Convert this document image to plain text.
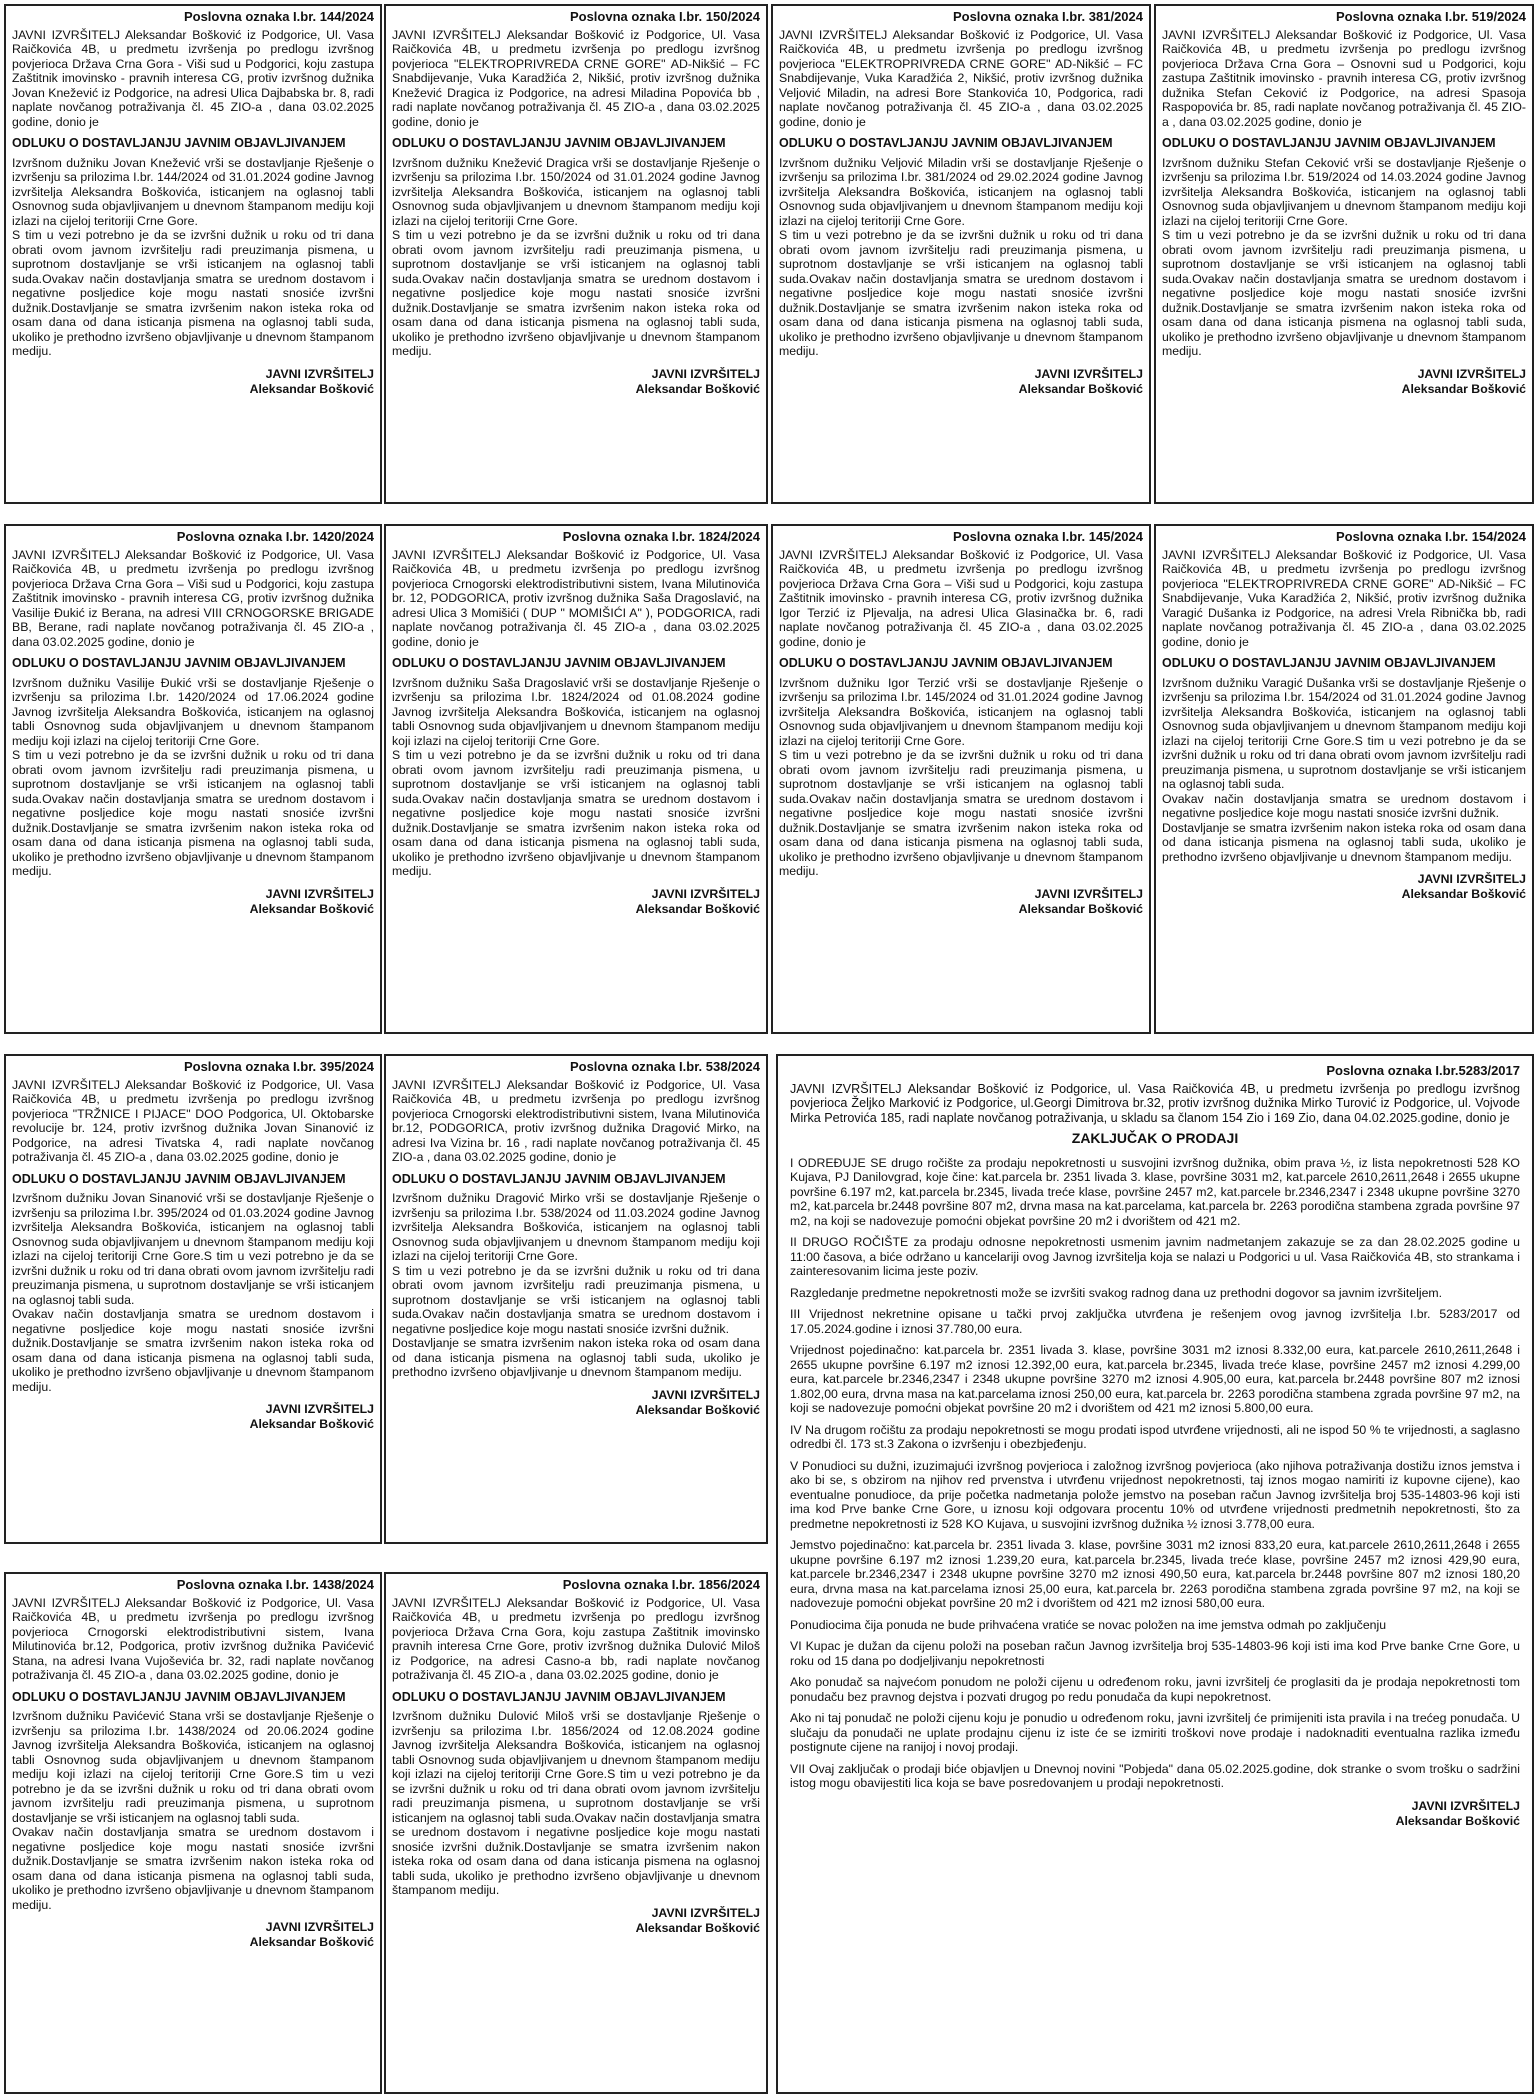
Poslovna oznaka I.br. 144/2024
JAVNI IZVRŠITELJ Aleksandar Bošković iz Podgorice, Ul. Vasa Raičkovića 4B, u predmetu izvršenja po predlogu izvršnog povjerioca Država Crna Gora - Viši sud u Podgorici, koju zastupa Zaštitnik imovinsko - pravnih interesa CG, protiv izvršnog dužnika Jovan Knežević iz Podgorice, na adresi Ulica Dajbabska br. 8, radi naplate novčanog potraživanja čl. 45 ZIO-a , dana 03.02.2025 godine, donio je
ODLUKU O DOSTAVLJANJU JAVNIM OBJAVLJIVANJEM
Izvršnom dužniku Jovan Knežević vrši se dostavljanje Rješenje o izvršenju sa prilozima I.br. 144/2024 od 31.01.2024 godine Javnog izvršitelja Aleksandra Boškovića, isticanjem na oglasnoj tabli Osnovnog suda objavljivanjem u dnevnom štampanom mediju koji izlazi na cijeloj teritoriji Crne Gore.
S tim u vezi potrebno je da se izvršni dužnik u roku od tri dana obrati ovom javnom izvršitelju radi preuzimanja pismena, u suprotnom dostavljanje se vrši isticanjem na oglasnoj tabli suda.Ovakav način dostavljanja smatra se urednom dostavom i negativne posljedice koje mogu nastati snosiće izvršni dužnik.Dostavljanje se smatra izvršenim nakon isteka roka od osam dana od dana isticanja pismena na oglasnoj tabli suda, ukoliko je prethodno izvršeno objavljivanje u dnevnom štampanom mediju.
JAVNI IZVRŠITELJ
Aleksandar Bošković
Poslovna oznaka I.br. 150/2024
JAVNI IZVRŠITELJ Aleksandar Bošković iz Podgorice, Ul. Vasa Raičkovića 4B, u predmetu izvršenja po predlogu izvršnog povjerioca "ELEKTROPRIVREDA CRNE GORE" AD-Nikšić – FC Snabdijevanje, Vuka Karadžića 2, Nikšić, protiv izvršnog dužnika Knežević Dragica iz Podgorice, na adresi Miladina Popovića bb , radi naplate novčanog potraživanja čl. 45 ZIO-a , dana 03.02.2025 godine, donio je
ODLUKU O DOSTAVLJANJU JAVNIM OBJAVLJIVANJEM
Izvršnom dužniku Knežević Dragica vrši se dostavljanje Rješenje o izvršenju sa prilozima I.br. 150/2024 od 31.01.2024 godine Javnog izvršitelja Aleksandra Boškovića, isticanjem na oglasnoj tabli Osnovnog suda objavljivanjem u dnevnom štampanom mediju koji izlazi na cijeloj teritoriji Crne Gore.
S tim u vezi potrebno je da se izvršni dužnik u roku od tri dana obrati ovom javnom izvršitelju radi preuzimanja pismena, u suprotnom dostavljanje se vrši isticanjem na oglasnoj tabli suda.Ovakav način dostavljanja smatra se urednom dostavom i negativne posljedice koje mogu nastati snosiće izvršni dužnik.Dostavljanje se smatra izvršenim nakon isteka roka od osam dana od dana isticanja pismena na oglasnoj tabli suda, ukoliko je prethodno izvršeno objavljivanje u dnevnom štampanom mediju.
JAVNI IZVRŠITELJ
Aleksandar Bošković
Poslovna oznaka I.br. 381/2024
JAVNI IZVRŠITELJ Aleksandar Bošković iz Podgorice, Ul. Vasa Raičkovića 4B, u predmetu izvršenja po predlogu izvršnog povjerioca "ELEKTROPRIVREDA CRNE GORE" AD-Nikšić – FC Snabdijevanje, Vuka Karadžića 2, Nikšić, protiv izvršnog dužnika Veljović Miladin, na adresi Bore Stankovića 10, Podgorica, radi naplate novčanog potraživanja čl. 45 ZIO-a , dana 03.02.2025 godine, donio je
ODLUKU O DOSTAVLJANJU JAVNIM OBJAVLJIVANJEM
Izvršnom dužniku Veljović Miladin vrši se dostavljanje Rješenje o izvršenju sa prilozima I.br. 381/2024 od 29.02.2024 godine Javnog izvršitelja Aleksandra Boškovića, isticanjem na oglasnoj tabli Osnovnog suda objavljivanjem u dnevnom štampanom mediju koji izlazi na cijeloj teritoriji Crne Gore.
S tim u vezi potrebno je da se izvršni dužnik u roku od tri dana obrati ovom javnom izvršitelju radi preuzimanja pismena, u suprotnom dostavljanje se vrši isticanjem na oglasnoj tabli suda.Ovakav način dostavljanja smatra se urednom dostavom i negativne posljedice koje mogu nastati snosiće izvršni dužnik.Dostavljanje se smatra izvršenim nakon isteka roka od osam dana od dana isticanja pismena na oglasnoj tabli suda, ukoliko je prethodno izvršeno objavljivanje u dnevnom štampanom mediju.
JAVNI IZVRŠITELJ
Aleksandar Bošković
Poslovna oznaka I.br. 519/2024
JAVNI IZVRŠITELJ Aleksandar Bošković iz Podgorice, Ul. Vasa Raičkovića 4B, u predmetu izvršenja po predlogu izvršnog povjerioca Država Crna Gora – Osnovni sud u Podgorici, koju zastupa Zaštitnik imovinsko - pravnih interesa CG, protiv izvršnog dužnika Stefan Ceković iz Podgorice, na adresi Spasoja Raspopovića br. 85, radi naplate novčanog potraživanja čl. 45 ZIO-a , dana 03.02.2025 godine, donio je
ODLUKU O DOSTAVLJANJU JAVNIM OBJAVLJIVANJEM
Izvršnom dužniku Stefan Ceković vrši se dostavljanje Rješenje o izvršenju sa prilozima I.br. 519/2024 od 14.03.2024 godine Javnog izvršitelja Aleksandra Boškovića, isticanjem na oglasnoj tabli Osnovnog suda objavljivanjem u dnevnom štampanom mediju koji izlazi na cijeloj teritoriji Crne Gore.
S tim u vezi potrebno je da se izvršni dužnik u roku od tri dana obrati ovom javnom izvršitelju radi preuzimanja pismena, u suprotnom dostavljanje se vrši isticanjem na oglasnoj tabli suda.Ovakav način dostavljanja smatra se urednom dostavom i negativne posljedice koje mogu nastati snosiće izvršni dužnik.Dostavljanje se smatra izvršenim nakon isteka roka od osam dana od dana isticanja pismena na oglasnoj tabli suda, ukoliko je prethodno izvršeno objavljivanje u dnevnom štampanom mediju.
JAVNI IZVRŠITELJ
Aleksandar Bošković
Poslovna oznaka I.br. 1420/2024
JAVNI IZVRŠITELJ Aleksandar Bošković iz Podgorice, Ul. Vasa Raičkovića 4B, u predmetu izvršenja po predlogu izvršnog povjerioca Država Crna Gora – Viši sud u Podgorici, koju zastupa Zaštitnik imovinsko - pravnih interesa CG, protiv izvršnog dužnika Vasilije Đukić iz Berana, na adresi VIII CRNOGORSKE BRIGADE BB, Berane, radi naplate novčanog potraživanja čl. 45 ZIO-a , dana 03.02.2025 godine, donio je
ODLUKU O DOSTAVLJANJU JAVNIM OBJAVLJIVANJEM
Izvršnom dužniku Vasilije Đukić vrši se dostavljanje Rješenje o izvršenju sa prilozima I.br. 1420/2024 od 17.06.2024 godine Javnog izvršitelja Aleksandra Boškovića, isticanjem na oglasnoj tabli Osnovnog suda objavljivanjem u dnevnom štampanom mediju koji izlazi na cijeloj teritoriji Crne Gore.
S tim u vezi potrebno je da se izvršni dužnik u roku od tri dana obrati ovom javnom izvršitelju radi preuzimanja pismena, u suprotnom dostavljanje se vrši isticanjem na oglasnoj tabli suda.Ovakav način dostavljanja smatra se urednom dostavom i negativne posljedice koje mogu nastati snosiće izvršni dužnik.Dostavljanje se smatra izvršenim nakon isteka roka od osam dana od dana isticanja pismena na oglasnoj tabli suda, ukoliko je prethodno izvršeno objavljivanje u dnevnom štampanom mediju.
JAVNI IZVRŠITELJ
Aleksandar Bošković
Poslovna oznaka I.br. 1824/2024
JAVNI IZVRŠITELJ Aleksandar Bošković iz Podgorice, Ul. Vasa Raičkovića 4B, u predmetu izvršenja po predlogu izvršnog povjerioca Crnogorski elektrodistributivni sistem, Ivana Milutinovića br. 12, PODGORICA, protiv izvršnog dužnika Saša Dragoslavić, na adresi Ulica 3 Momišići ( DUP " MOMIŠIĆI A" ), PODGORICA, radi naplate novčanog potraživanja čl. 45 ZIO-a , dana 03.02.2025 godine, donio je
ODLUKU O DOSTAVLJANJU JAVNIM OBJAVLJIVANJEM
Izvršnom dužniku Saša Dragoslavić vrši se dostavljanje Rješenje o izvršenju sa prilozima I.br. 1824/2024 od 01.08.2024 godine Javnog izvršitelja Aleksandra Boškovića, isticanjem na oglasnoj tabli Osnovnog suda objavljivanjem u dnevnom štampanom mediju koji izlazi na cijeloj teritoriji Crne Gore.
S tim u vezi potrebno je da se izvršni dužnik u roku od tri dana obrati ovom javnom izvršitelju radi preuzimanja pismena, u suprotnom dostavljanje se vrši isticanjem na oglasnoj tabli suda.Ovakav način dostavljanja smatra se urednom dostavom i negativne posljedice koje mogu nastati snosiće izvršni dužnik.Dostavljanje se smatra izvršenim nakon isteka roka od osam dana od dana isticanja pismena na oglasnoj tabli suda, ukoliko je prethodno izvršeno objavljivanje u dnevnom štampanom mediju.
JAVNI IZVRŠITELJ
Aleksandar Bošković
Poslovna oznaka I.br. 145/2024
JAVNI IZVRŠITELJ Aleksandar Bošković iz Podgorice, Ul. Vasa Raičkovića 4B, u predmetu izvršenja po predlogu izvršnog povjerioca Država Crna Gora – Viši sud u Podgorici, koju zastupa Zaštitnik imovinsko - pravnih interesa CG, protiv izvršnog dužnika Igor Terzić iz Pljevalja, na adresi Ulica Glasinačka br. 6, radi naplate novčanog potraživanja čl. 45 ZIO-a , dana 03.02.2025 godine, donio je
ODLUKU O DOSTAVLJANJU JAVNIM OBJAVLJIVANJEM
Izvršnom dužniku Igor Terzić vrši se dostavljanje Rješenje o izvršenju sa prilozima I.br. 145/2024 od 31.01.2024 godine Javnog izvršitelja Aleksandra Boškovića, isticanjem na oglasnoj tabli Osnovnog suda objavljivanjem u dnevnom štampanom mediju koji izlazi na cijeloj teritoriji Crne Gore.
S tim u vezi potrebno je da se izvršni dužnik u roku od tri dana obrati ovom javnom izvršitelju radi preuzimanja pismena, u suprotnom dostavljanje se vrši isticanjem na oglasnoj tabli suda.Ovakav način dostavljanja smatra se urednom dostavom i negativne posljedice koje mogu nastati snosiće izvršni dužnik.Dostavljanje se smatra izvršenim nakon isteka roka od osam dana od dana isticanja pismena na oglasnoj tabli suda, ukoliko je prethodno izvršeno objavljivanje u dnevnom štampanom mediju.
JAVNI IZVRŠITELJ
Aleksandar Bošković
Poslovna oznaka I.br. 154/2024
JAVNI IZVRŠITELJ Aleksandar Bošković iz Podgorice, Ul. Vasa Raičkovića 4B, u predmetu izvršenja po predlogu izvršnog povjerioca "ELEKTROPRIVREDA CRNE GORE" AD-Nikšić – FC Snabdijevanje, Vuka Karadžića 2, Nikšić, protiv izvršnog dužnika Varagić Dušanka iz Podgorice, na adresi Vrela Ribnička bb, radi naplate novčanog potraživanja čl. 45 ZIO-a , dana 03.02.2025 godine, donio je
ODLUKU O DOSTAVLJANJU JAVNIM OBJAVLJIVANJEM
Izvršnom dužniku Varagić Dušanka vrši se dostavljanje Rješenje o izvršenju sa prilozima I.br. 154/2024 od 31.01.2024 godine Javnog izvršitelja Aleksandra Boškovića, isticanjem na oglasnoj tabli Osnovnog suda objavljivanjem u dnevnom štampanom mediju koji izlazi na cijeloj teritoriji Crne Gore.S tim u vezi potrebno je da se izvršni dužnik u roku od tri dana obrati ovom javnom izvršitelju radi preuzimanja pismena, u suprotnom dostavljanje se vrši isticanjem na oglasnoj tabli suda.
Ovakav način dostavljanja smatra se urednom dostavom i negativne posljedice koje mogu nastati snosiće izvršni dužnik.
Dostavljanje se smatra izvršenim nakon isteka roka od osam dana od dana isticanja pismena na oglasnoj tabli suda, ukoliko je prethodno izvršeno objavljivanje u dnevnom štampanom mediju.
JAVNI IZVRŠITELJ
Aleksandar Bošković
Poslovna oznaka I.br. 395/2024
JAVNI IZVRŠITELJ Aleksandar Bošković iz Podgorice, Ul. Vasa Raičkovića 4B, u predmetu izvršenja po predlogu izvršnog povjerioca "TRŽNICE I PIJACE" DOO Podgorica, Ul. Oktobarske revolucije br. 124, protiv izvršnog dužnika Jovan Sinanović iz Podgorice, na adresi Tivatska 4, radi naplate novčanog potraživanja čl. 45 ZIO-a , dana 03.02.2025 godine, donio je
ODLUKU O DOSTAVLJANJU JAVNIM OBJAVLJIVANJEM
Izvršnom dužniku Jovan Sinanović vrši se dostavljanje Rješenje o izvršenju sa prilozima I.br. 395/2024 od 01.03.2024 godine Javnog izvršitelja Aleksandra Boškovića, isticanjem na oglasnoj tabli Osnovnog suda objavljivanjem u dnevnom štampanom mediju koji izlazi na cijeloj teritoriji Crne Gore.S tim u vezi potrebno je da se izvršni dužnik u roku od tri dana obrati ovom javnom izvršitelju radi preuzimanja pismena, u suprotnom dostavljanje se vrši isticanjem na oglasnoj tabli suda.
Ovakav način dostavljanja smatra se urednom dostavom i negativne posljedice koje mogu nastati snosiće izvršni dužnik.Dostavljanje se smatra izvršenim nakon isteka roka od osam dana od dana isticanja pismena na oglasnoj tabli suda, ukoliko je prethodno izvršeno objavljivanje u dnevnom štampanom mediju.
JAVNI IZVRŠITELJ
Aleksandar Bošković
Poslovna oznaka I.br. 538/2024
JAVNI IZVRŠITELJ Aleksandar Bošković iz Podgorice, Ul. Vasa Raičkovića 4B, u predmetu izvršenja po predlogu izvršnog povjerioca Crnogorski elektrodistributivni sistem, Ivana Milutinovića br.12, PODGORICA, protiv izvršnog dužnika Dragović Mirko, na adresi Iva Vizina br. 16 , radi naplate novčanog potraživanja čl. 45 ZIO-a , dana 03.02.2025 godine, donio je
ODLUKU O DOSTAVLJANJU JAVNIM OBJAVLJIVANJEM
Izvršnom dužniku Dragović Mirko vrši se dostavljanje Rješenje o izvršenju sa prilozima I.br. 538/2024 od 11.03.2024 godine Javnog izvršitelja Aleksandra Boškovića, isticanjem na oglasnoj tabli Osnovnog suda objavljivanjem u dnevnom štampanom mediju koji izlazi na cijeloj teritoriji Crne Gore.
S tim u vezi potrebno je da se izvršni dužnik u roku od tri dana obrati ovom javnom izvršitelju radi preuzimanja pismena, u suprotnom dostavljanje se vrši isticanjem na oglasnoj tabli suda.Ovakav način dostavljanja smatra se urednom dostavom i negativne posljedice koje mogu nastati snosiće izvršni dužnik.
Dostavljanje se smatra izvršenim nakon isteka roka od osam dana od dana isticanja pismena na oglasnoj tabli suda, ukoliko je prethodno izvršeno objavljivanje u dnevnom štampanom mediju.
JAVNI IZVRŠITELJ
Aleksandar Bošković
Poslovna oznaka I.br. 1438/2024
JAVNI IZVRŠITELJ Aleksandar Bošković iz Podgorice, Ul. Vasa Raičkovića 4B, u predmetu izvršenja po predlogu izvršnog povjerioca Crnogorski elektrodistributivni sistem, Ivana Milutinovića br.12, Podgorica, protiv izvršnog dužnika Pavićević Stana, na adresi Ivana Vujoševića br. 32, radi naplate novčanog potraživanja čl. 45 ZIO-a , dana 03.02.2025 godine, donio je
ODLUKU O DOSTAVLJANJU JAVNIM OBJAVLJIVANJEM
Izvršnom dužniku Pavićević Stana vrši se dostavljanje Rješenje o izvršenju sa prilozima I.br. 1438/2024 od 20.06.2024 godine Javnog izvršitelja Aleksandra Boškovića, isticanjem na oglasnoj tabli Osnovnog suda objavljivanjem u dnevnom štampanom mediju koji izlazi na cijeloj teritoriji Crne Gore.S tim u vezi potrebno je da se izvršni dužnik u roku od tri dana obrati ovom javnom izvršitelju radi preuzimanja pismena, u suprotnom dostavljanje se vrši isticanjem na oglasnoj tabli suda.
Ovakav način dostavljanja smatra se urednom dostavom i negativne posljedice koje mogu nastati snosiće izvršni dužnik.Dostavljanje se smatra izvršenim nakon isteka roka od osam dana od dana isticanja pismena na oglasnoj tabli suda, ukoliko je prethodno izvršeno objavljivanje u dnevnom štampanom mediju.
JAVNI IZVRŠITELJ
Aleksandar Bošković
Poslovna oznaka I.br. 1856/2024
JAVNI IZVRŠITELJ Aleksandar Bošković iz Podgorice, Ul. Vasa Raičkovića 4B, u predmetu izvršenja po predlogu izvršnog povjerioca Država Crna Gora, koju zastupa Zaštitnik imovinsko pravnih interesa Crne Gore, protiv izvršnog dužnika Dulović Miloš iz Podgorice, na adresi Casno-a bb, radi naplate novčanog potraživanja čl. 45 ZIO-a , dana 03.02.2025 godine, donio je
ODLUKU O DOSTAVLJANJU JAVNIM OBJAVLJIVANJEM
Izvršnom dužniku Dulović Miloš vrši se dostavljanje Rješenje o izvršenju sa prilozima I.br. 1856/2024 od 12.08.2024 godine Javnog izvršitelja Aleksandra Boškovića, isticanjem na oglasnoj tabli Osnovnog suda objavljivanjem u dnevnom štampanom mediju koji izlazi na cijeloj teritoriji Crne Gore.S tim u vezi potrebno je da se izvršni dužnik u roku od tri dana obrati ovom javnom izvršitelju radi preuzimanja pismena, u suprotnom dostavljanje se vrši isticanjem na oglasnoj tabli suda.Ovakav način dostavljanja smatra se urednom dostavom i negativne posljedice koje mogu nastati snosiće izvršni dužnik.Dostavljanje se smatra izvršenim nakon isteka roka od osam dana od dana isticanja pismena na oglasnoj tabli suda, ukoliko je prethodno izvršeno objavljivanje u dnevnom štampanom mediju.
JAVNI IZVRŠITELJ
Aleksandar Bošković
Poslovna oznaka I.br.5283/2017
JAVNI IZVRŠITELJ Aleksandar Bošković iz Podgorice, ul. Vasa Raičkovića 4B, u predmetu izvršenja po predlogu izvršnog povjerioca Željko Marković iz Podgorice, ul.Georgi Dimitrova br.32, protiv izvršnog dužnika Mirko Turović iz Podgorice, ul. Vojvode Mirka Petrovića 185, radi naplate novčanog potraživanja, u skladu sa članom 154 Zio i 169 Zio, dana 04.02.2025.godine, donio je
ZAKLJUČAK O PRODAJI
I ODREĐUJE SE drugo ročište za prodaju nepokretnosti u susvojini izvršnog dužnika, obim prava ½, iz lista nepokretnosti 528 KO Kujava, PJ Danilovgrad, koje čine: kat.parcela br. 2351 livada 3. klase, površine 3031 m2, kat.parcele 2610,2611,2648 i 2655 ukupne površine 6.197 m2, kat.parcela br.2345, livada treće klase, površine 2457 m2, kat.parcele br.2346,2347 i 2348 ukupne površine 3270 m2, kat.parcela br.2448 površine 807 m2, drvna masa na kat.parcelama, kat.parcela br. 2263 porodična stambena zgrada površine 97 m2, na koji se nadovezuje pomoćni objekat površine 20 m2 i dvorištem od 421 m2.
II DRUGO ROČIŠTE za prodaju odnosne nepokretnosti usmenim javnim nadmetanjem zakazuje se za dan 28.02.2025 godine u 11:00 časova, a biće održano u kancelariji ovog Javnog izvršitelja koja se nalazi u Podgorici u ul. Vasa Raičkovića 4B, sto strankama i zainteresovanim licima jeste poziv.
Razgledanje predmetne nepokretnosti može se izvršiti svakog radnog dana uz prethodni dogovor sa javnim izvršiteljem.
III Vrijednost nekretnine opisane u tački prvoj zaključka utvrđena je rešenjem ovog javnog izvršitelja I.br. 5283/2017 od 17.05.2024.godine i iznosi 37.780,00 eura.
Vrijednost pojedinačno: kat.parcela br. 2351 livada 3. klase, površine 3031 m2 iznosi 8.332,00 eura, kat.parcele 2610,2611,2648 i 2655 ukupne površine 6.197 m2 iznosi 12.392,00 eura, kat.parcela br.2345, livada treće klase, površine 2457 m2 iznosi 4.299,00 eura, kat.parcele br.2346,2347 i 2348 ukupne površine 3270 m2 iznosi 4.905,00 eura, kat.parcela br.2448 površine 807 m2 iznosi 1.802,00 eura, drvna masa na kat.parcelama iznosi 250,00 eura, kat.parcela br. 2263 porodična stambena zgrada površine 97 m2, na koji se nadovezuje pomoćni objekat površine 20 m2 i dvorištem od 421 m2 iznosi 5.800,00 eura.
IV Na drugom ročištu za prodaju nepokretnosti se mogu prodati ispod utvrđene vrijednosti, ali ne ispod 50 % te vrijednosti, a saglasno odredbi čl. 173 st.3 Zakona o izvršenju i obezbjeđenju.
V Ponudioci su dužni, izuzimajući izvršnog povjerioca i založnog izvršnog povjerioca (ako njihova potraživanja dostižu iznos jemstva i ako bi se, s obzirom na njihov red prvenstva i utvrđenu vrijednost nepokretnosti, taj iznos mogao namiriti iz kupovne cijene), kao eventualne ponudioce, da prije početka nadmetanja polože jemstvo na poseban račun Javnog izvršitelja broj 535-14803-96 koji isti ima kod Prve banke Crne Gore, u iznosu koji odgovara procentu 10% od utvrđene vrijednosti predmetnih nepokretnosti, što za predmetne nepokretnosti iz 528 KO Kujava, u susvojini izvršnog dužnika ½ iznosi 3.778,00 eura.
Jemstvo pojedinačno: kat.parcela br. 2351 livada 3. klase, površine 3031 m2 iznosi 833,20 eura, kat.parcele 2610,2611,2648 i 2655 ukupne površine 6.197 m2 iznosi 1.239,20 eura, kat.parcela br.2345, livada treće klase, površine 2457 m2 iznosi 429,90 eura, kat.parcele br.2346,2347 i 2348 ukupne površine 3270 m2 iznosi 490,50 eura, kat.parcela br.2448 površine 807 m2 iznosi 180,20 eura, drvna masa na kat.parcelama iznosi 25,00 eura, kat.parcela br. 2263 porodična stambena zgrada površine 97 m2, na koji se nadovezuje pomoćni objekat površine 20 m2 i dvorištem od 421 m2 iznosi 580,00 eura.
Ponudiocima čija ponuda ne bude prihvaćena vratiće se novac položen na ime jemstva odmah po zaključenju
VI Kupac je dužan da cijenu položi na poseban račun Javnog izvršitelja broj 535-14803-96 koji isti ima kod Prve banke Crne Gore, u roku od 15 dana po dodjeljivanju nepokretnosti
Ako ponudač sa najvećom ponudom ne položi cijenu u određenom roku, javni izvršitelj će proglasiti da je prodaja nepokretnosti tom ponudaču bez pravnog dejstva i pozvati drugog po redu ponudača da kupi nepokretnost.
Ako ni taj ponudač ne položi cijenu koju je ponudio u određenom roku, javni izvršitelj će primijeniti ista pravila i na trećeg ponudača. U slučaju da ponudači ne uplate prodajnu cijenu iz iste će se izmiriti troškovi nove prodaje i nadoknaditi eventualna razlika između postignute cijene na ranijoj i novoj prodaji.
VII Ovaj zaključak o prodaji biće objavljen u Dnevnoj novini "Pobjeda" dana 05.02.2025.godine, dok stranke o svom trošku o sadržini istog mogu obavijestiti lica koja se bave posredovanjem u prodaji nepokretnosti.
JAVNI IZVRŠITELJ
Aleksandar Bošković
